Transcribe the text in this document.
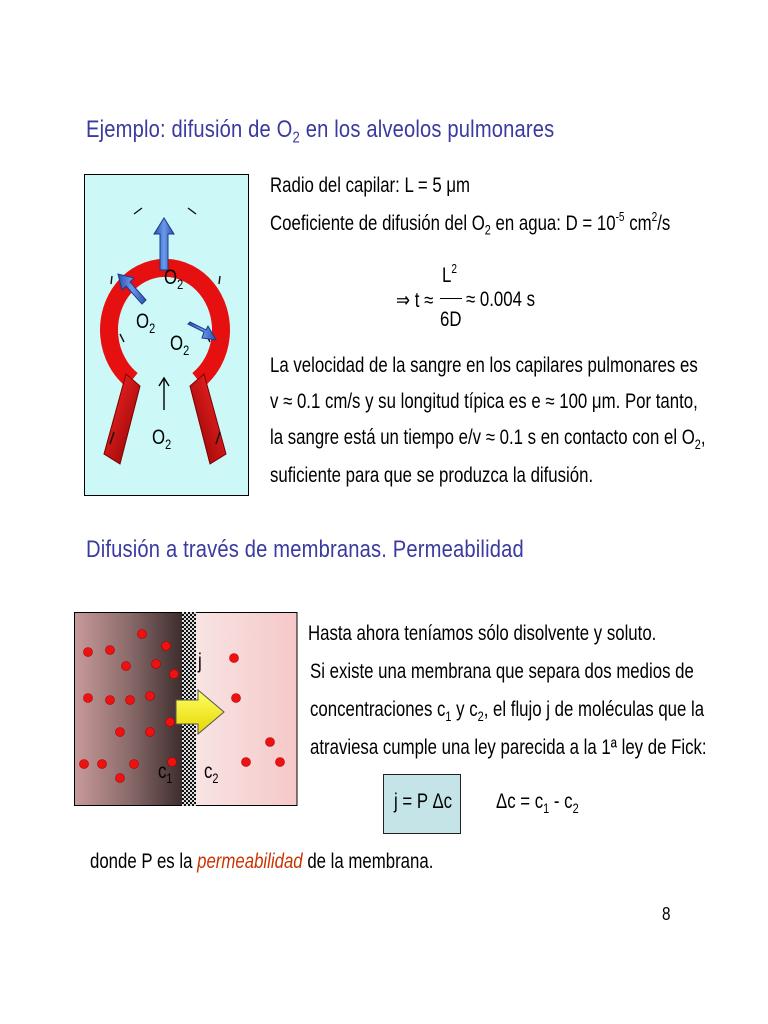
Ejemplo: difusión de $O_2$ en los alveolos pulmonares
$O_2$
$O_2$
$O_2$
$O_2$
Radio del capilar: L = 5 μm
Coeficiente de difusión del $O_2$ en agua: $D = 10^{-5}$ $cm^2/s$
⇒ t ≈
$L^2$
6D
≈ 0.004 s
La velocidad de la sangre en los capilares pulmonares es
v ≈ 0.1 cm/s y su longitud típica es e ≈ 100 μm. Por tanto,
la sangre está un tiempo e/v ≈ 0.1 s en contacto con el $O_2$,
suficiente para que se produzca la difusión.
Difusión a través de membranas. Permeabilidad
j
$c_1$ $c_2$
Hasta ahora teníamos sólo disolvente y soluto.
Si existe una membrana que separa dos medios de
concentraciones $c_1$ y $c_2$, el flujo j de moléculas que la
atraviesa cumple una ley parecida a la 1ª ley de Fick:
j = P Δc $\Delta c = c_1 - c_2$
donde P es la permeabilidad de la membrana.
8
